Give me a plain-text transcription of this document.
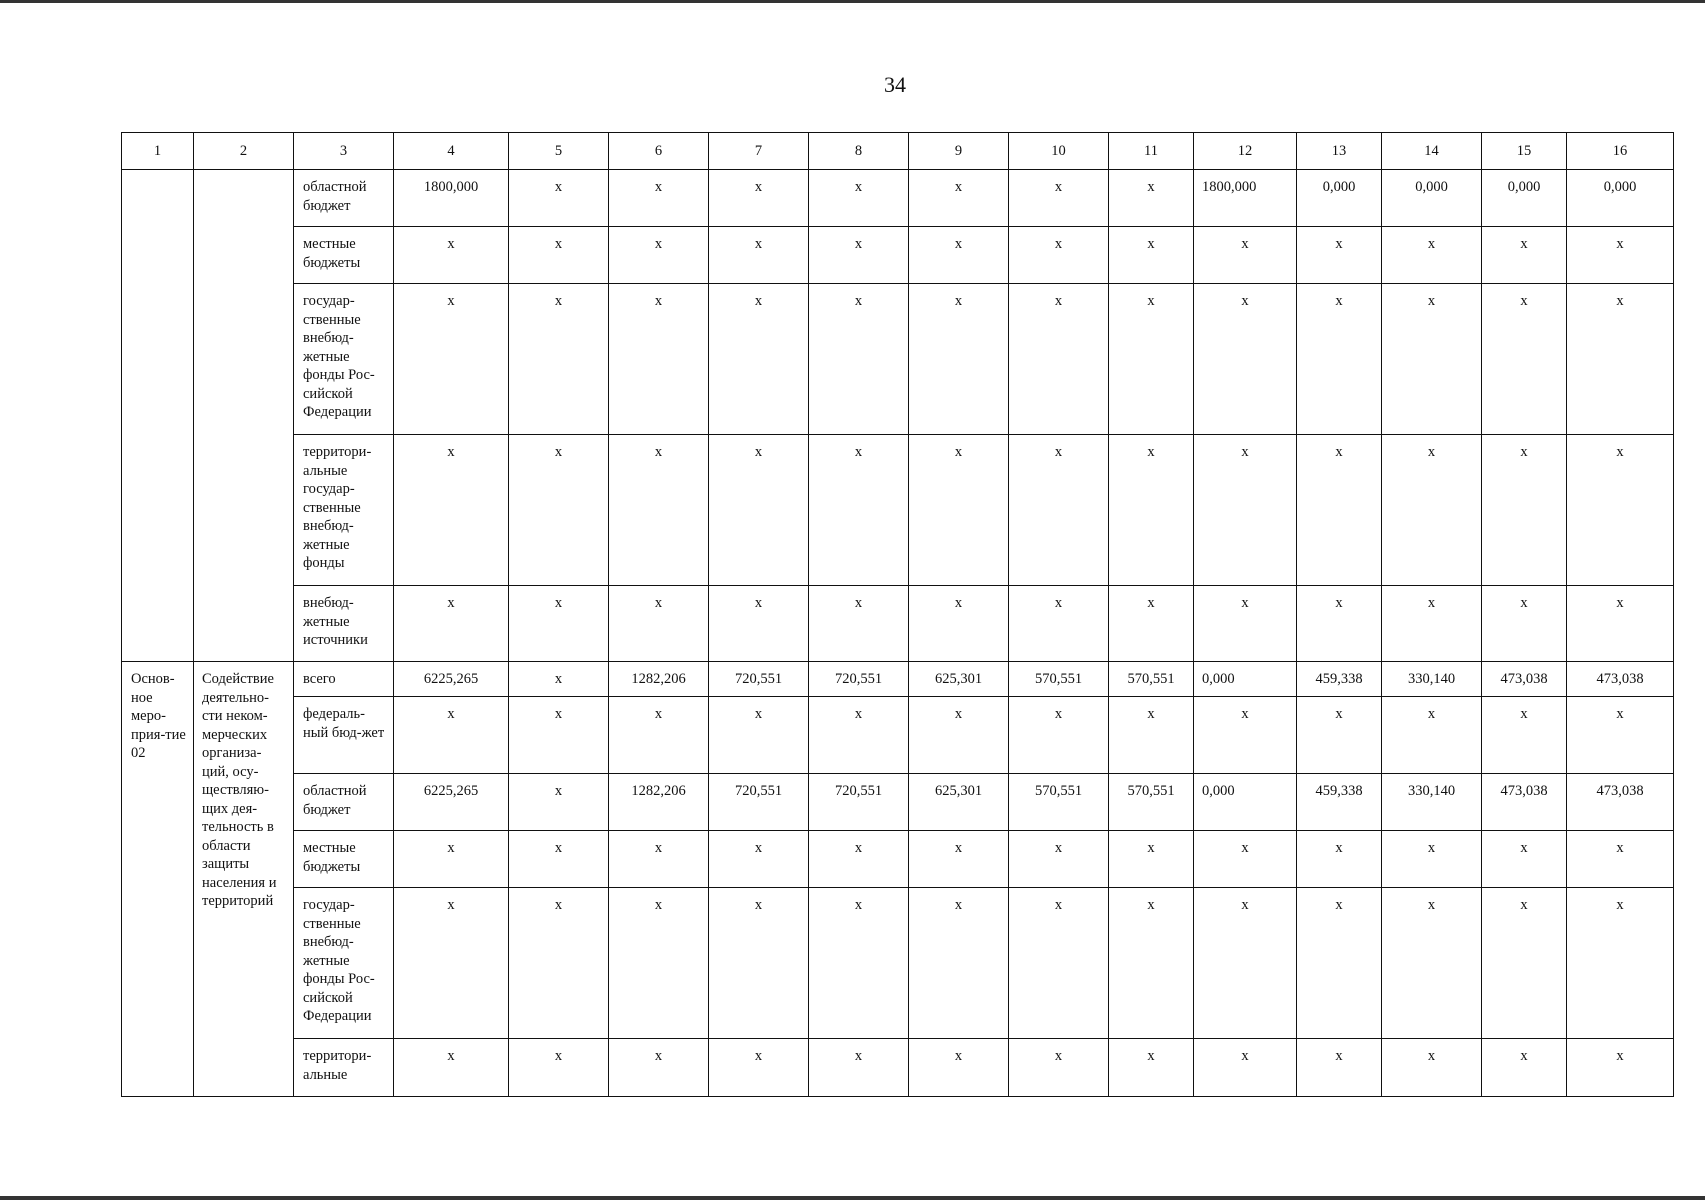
34
1	2	3	4	5	6	7	8	9	10	11	12	13	14	15	16
		областной бюджет	1800,000	х	х	х	х	х	х	х	1800,000	0,000	0,000	0,000	0,000
		местные бюджеты	х	х	х	х	х	х	х	х	х	х	х	х	х
		государ-ственные внебюд-жетные фонды Рос-сийской Федерации	х	х	х	х	х	х	х	х	х	х	х	х	х
		территори-альные государ-ственные внебюд-жетные фонды	х	х	х	х	х	х	х	х	х	х	х	х	х
		внебюд-жетные источники	х	х	х	х	х	х	х	х	х	х	х	х	х
Основ-ное меро-прия-тие 02	Содействие деятельно-сти неком-мерческих организа-ций, осу-ществляю-щих дея-тельность в области защиты населения и территорий	всего	6225,265	х	1282,206	720,551	720,551	625,301	570,551	570,551	0,000	459,338	330,140	473,038	473,038
		федераль-ный бюд-жет	х	х	х	х	х	х	х	х	х	х	х	х	х
		областной бюджет	6225,265	х	1282,206	720,551	720,551	625,301	570,551	570,551	0,000	459,338	330,140	473,038	473,038
		местные бюджеты	х	х	х	х	х	х	х	х	х	х	х	х	х
		государ-ственные внебюд-жетные фонды Рос-сийской Федерации	х	х	х	х	х	х	х	х	х	х	х	х	х
		территори-альные	х	х	х	х	х	х	х	х	х	х	х	х	х
